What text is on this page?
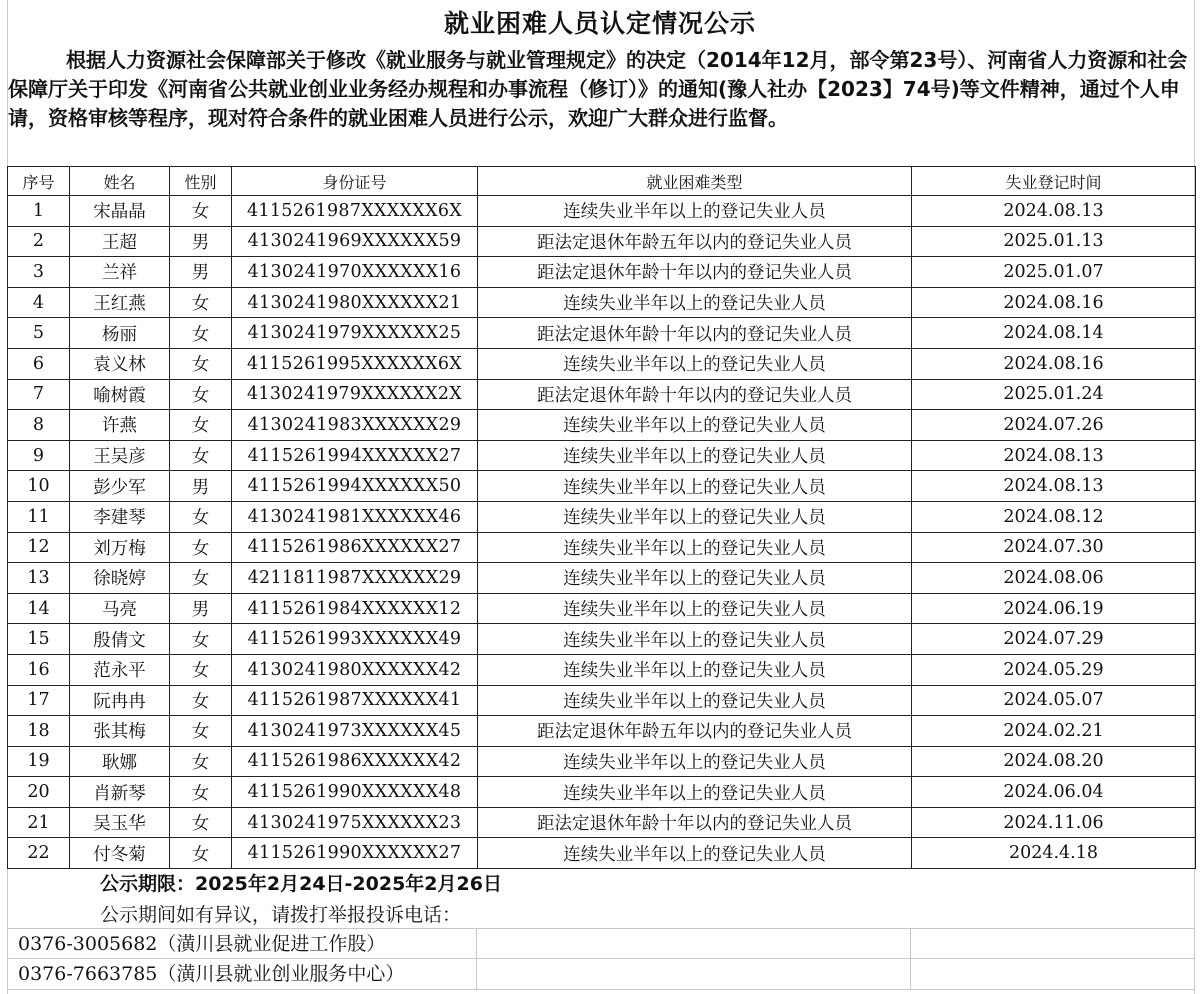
就业困难人员认定情况公示

根据人力资源社会保障部关于修改《就业服务与就业管理规定》的决定（2014年12月，部令第23号）、河南省人力资源和社会保障厅关于印发《河南省公共就业创业业务经办规程和办事流程（修订）》的通知(豫人社办【2023】74号)等文件精神，通过个人申请，资格审核等程序，现对符合条件的就业困难人员进行公示，欢迎广大群众进行监督。

序号	姓名	性别	身份证号	就业困难类型	失业登记时间
1	宋晶晶	女	4115261987XXXXXX6X	连续失业半年以上的登记失业人员	2024.08.13
2	王超	男	4130241969XXXXXX59	距法定退休年龄五年以内的登记失业人员	2025.01.13
3	兰祥	男	4130241970XXXXXX16	距法定退休年龄十年以内的登记失业人员	2025.01.07
4	王红燕	女	4130241980XXXXXX21	连续失业半年以上的登记失业人员	2024.08.16
5	杨丽	女	4130241979XXXXXX25	距法定退休年龄十年以内的登记失业人员	2024.08.14
6	袁义林	女	4115261995XXXXXX6X	连续失业半年以上的登记失业人员	2024.08.16
7	喻树霞	女	4130241979XXXXXX2X	距法定退休年龄十年以内的登记失业人员	2025.01.24
8	许燕	女	4130241983XXXXXX29	连续失业半年以上的登记失业人员	2024.07.26
9	王吴彦	女	4115261994XXXXXX27	连续失业半年以上的登记失业人员	2024.08.13
10	彭少军	男	4115261994XXXXXX50	连续失业半年以上的登记失业人员	2024.08.13
11	李建琴	女	4130241981XXXXXX46	连续失业半年以上的登记失业人员	2024.08.12
12	刘万梅	女	4115261986XXXXXX27	连续失业半年以上的登记失业人员	2024.07.30
13	徐晓婷	女	4211811987XXXXXX29	连续失业半年以上的登记失业人员	2024.08.06
14	马亮	男	4115261984XXXXXX12	连续失业半年以上的登记失业人员	2024.06.19
15	殷倩文	女	4115261993XXXXXX49	连续失业半年以上的登记失业人员	2024.07.29
16	范永平	女	4130241980XXXXXX42	连续失业半年以上的登记失业人员	2024.05.29
17	阮冉冉	女	4115261987XXXXXX41	连续失业半年以上的登记失业人员	2024.05.07
18	张其梅	女	4130241973XXXXXX45	距法定退休年龄五年以内的登记失业人员	2024.02.21
19	耿娜	女	4115261986XXXXXX42	连续失业半年以上的登记失业人员	2024.08.20
20	肖新琴	女	4115261990XXXXXX48	连续失业半年以上的登记失业人员	2024.06.04
21	吴玉华	女	4130241975XXXXXX23	距法定退休年龄十年以内的登记失业人员	2024.11.06
22	付冬菊	女	4115261990XXXXXX27	连续失业半年以上的登记失业人员	2024.4.18
公示期限：2025年2月24日-2025年2月26日
公示期间如有异议，请拨打举报投诉电话：
0376-3005682（潢川县就业促进工作股）
0376-7663785（潢川县就业创业服务中心）
